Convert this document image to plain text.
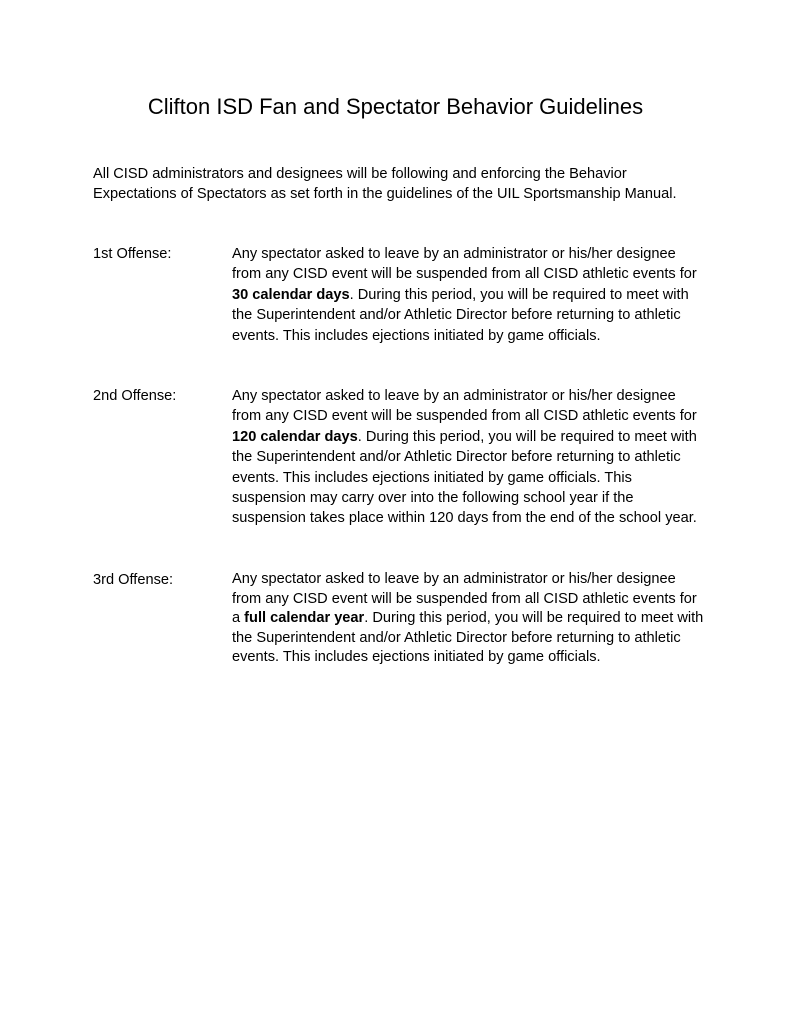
Clifton ISD Fan and Spectator Behavior Guidelines

All CISD administrators and designees will be following and enforcing the Behavior Expectations of Spectators as set forth in the guidelines of the UIL Sportsmanship Manual.

1st Offense:	Any spectator asked to leave by an administrator or his/her designee from any CISD event will be suspended from all CISD athletic events for 30 calendar days. During this period, you will be required to meet with the Superintendent and/or Athletic Director before returning to athletic events. This includes ejections initiated by game officials.

2nd Offense:	Any spectator asked to leave by an administrator or his/her designee from any CISD event will be suspended from all CISD athletic events for 120 calendar days. During this period, you will be required to meet with the Superintendent and/or Athletic Director before returning to athletic events. This includes ejections initiated by game officials. This suspension may carry over into the following school year if the suspension takes place within 120 days from the end of the school year.

3rd Offense:	Any spectator asked to leave by an administrator or his/her designee from any CISD event will be suspended from all CISD athletic events for a full calendar year. During this period, you will be required to meet with the Superintendent and/or Athletic Director before returning to athletic events. This includes ejections initiated by game officials.
